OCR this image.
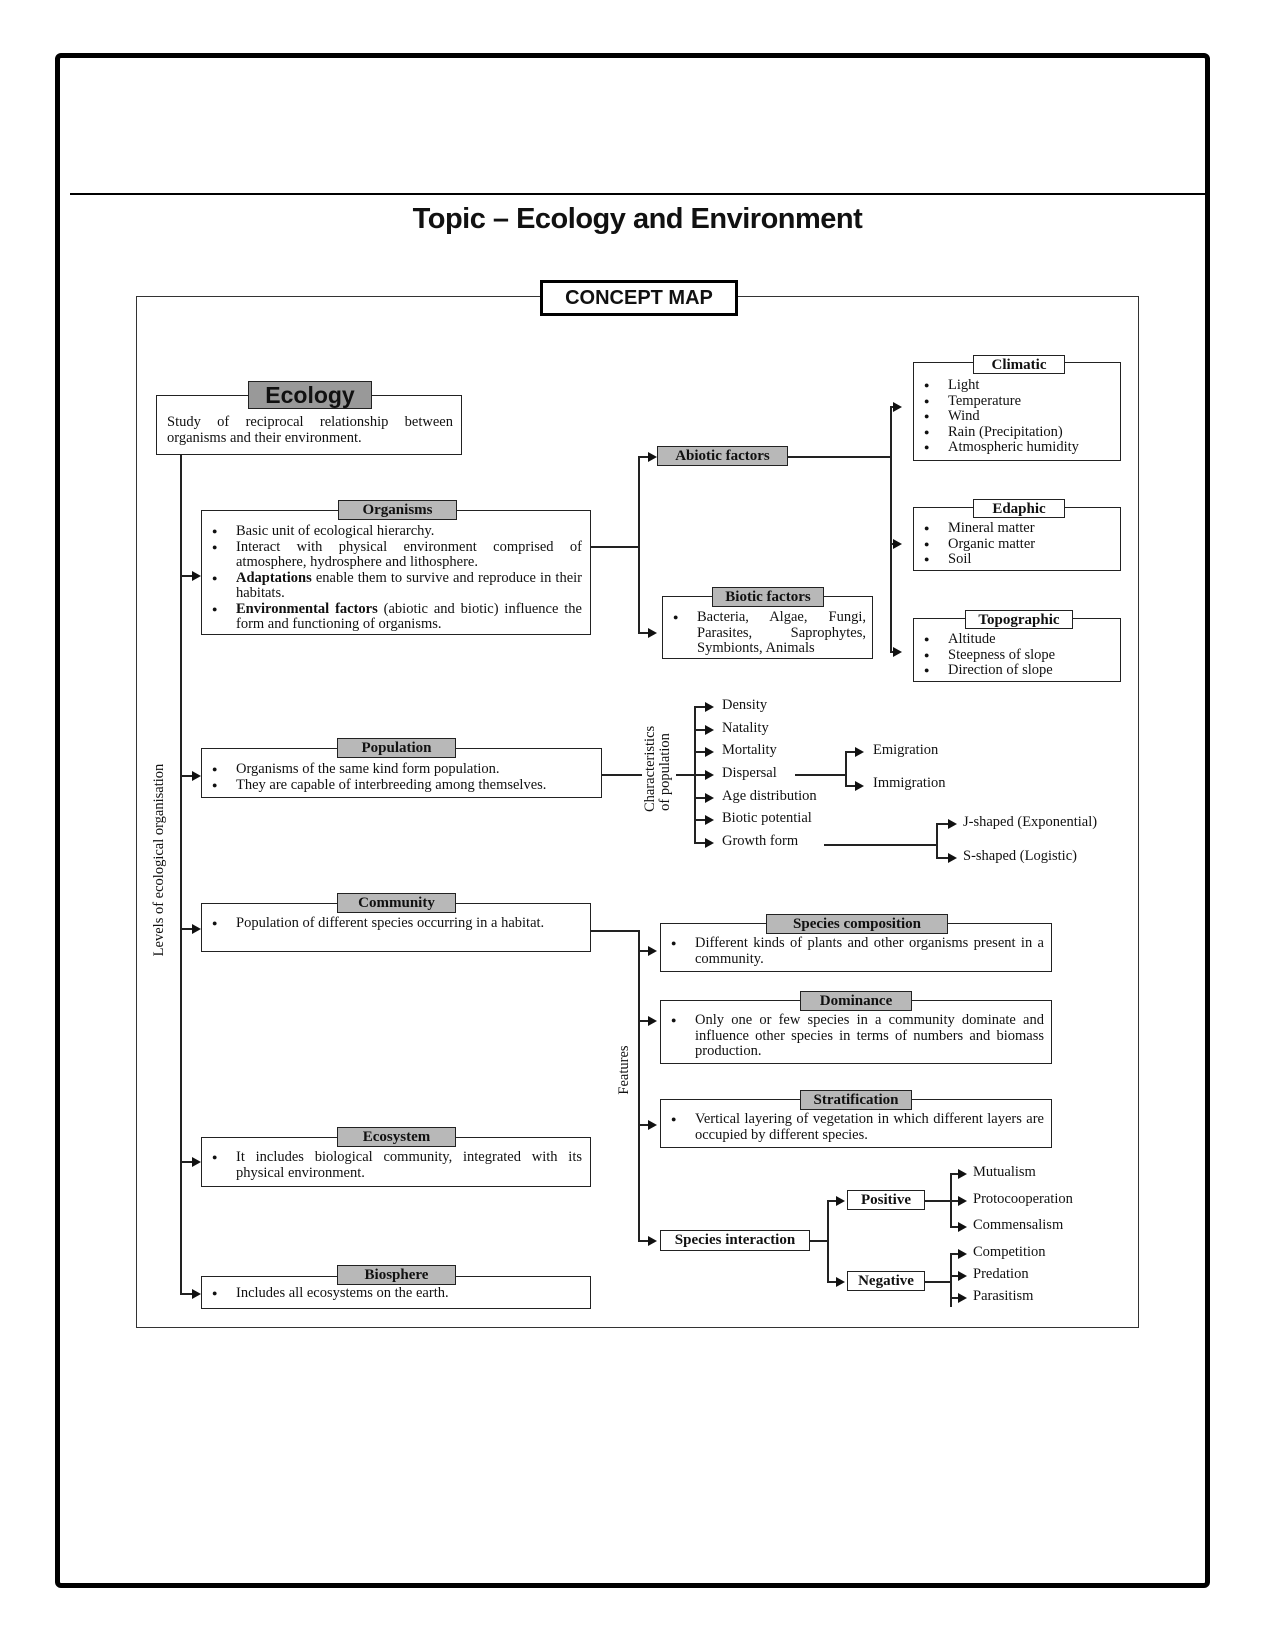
Topic – Ecology and Environment
CONCEPT MAP
Study of reciprocal relationship between organisms and their environment.
Ecology
Levels of ecological organisation
● Basic unit of ecological hierarchy.
● Interact with physical environment comprised of atmosphere, hydrosphere and lithosphere.
● Adaptations enable them to survive and reproduce in their habitats.
● Environmental factors (abiotic and biotic) influence the form and functioning of organisms.
Organisms
Abiotic factors
● Light
● Temperature
● Wind
● Rain (Precipitation)
● Atmospheric humidity
Climatic
● Mineral matter
● Organic matter
● Soil
Edaphic
● Altitude
● Steepness of slope
● Direction of slope
Topographic
● Bacteria, Algae, Fungi, Parasites, Saprophytes, Symbionts, Animals
Biotic factors
● Organisms of the same kind form population.
● They are capable of interbreeding among themselves.
Population	Characteristics of population
Density
Natality
Mortality
Dispersal
Age distribution
Biotic potential
Growth form
Emigration
Immigration
J-shaped (Exponential)
S-shaped (Logistic)
● Population of different species occurring in a habitat.
Community
Features
● Different kinds of plants and other organisms present in a community.
Species composition
● Only one or few species in a community dominate and influence other species in terms of numbers and biomass production.
Dominance
● Vertical layering of vegetation in which different layers are occupied by different species.
Stratification
Species interaction
Positive
Mutualism
Protocooperation
Commensalism
Negative
Competition
Predation
Parasitism
● It includes biological community, integrated with its physical environment.
Ecosystem
● Includes all ecosystems on the earth.
Biosphere
